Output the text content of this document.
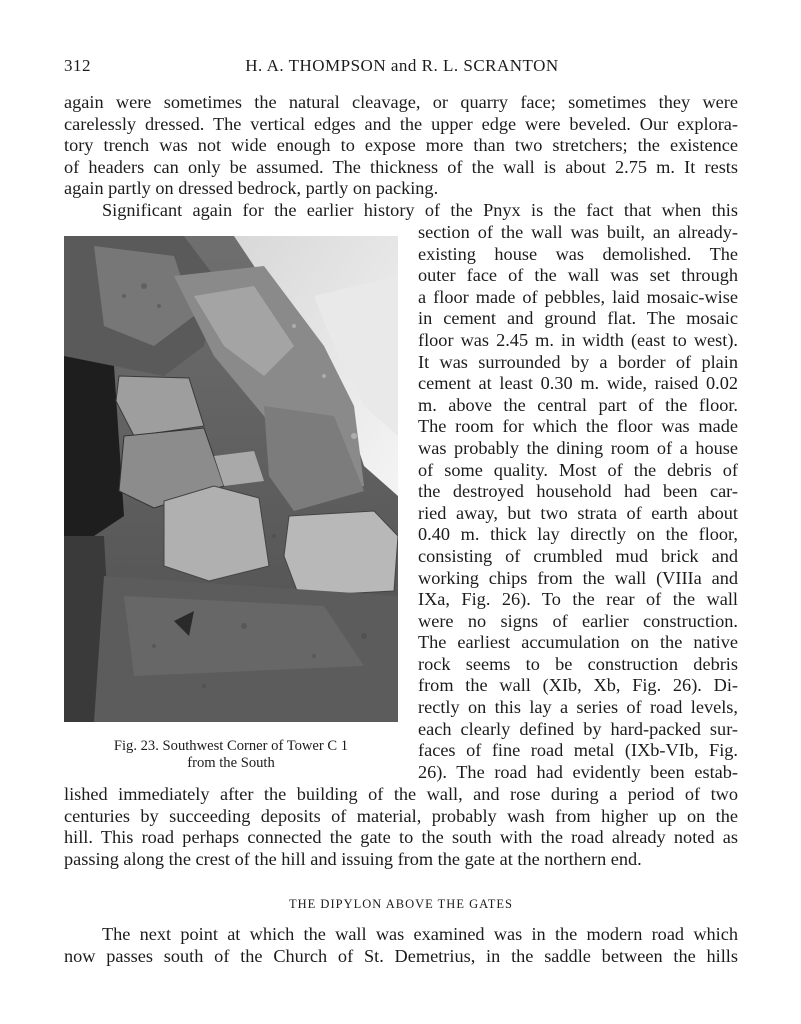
312	H. A. THOMPSON and R. L. SCRANTON
again were sometimes the natural cleavage, or quarry face; sometimes they were
carelessly dressed. The vertical edges and the upper edge were beveled. Our explora-
tory trench was not wide enough to expose more than two stretchers; the existence
of headers can only be assumed. The thickness of the wall is about 2.75 m. It rests
again partly on dressed bedrock, partly on packing.
Significant again for the earlier history of the Pnyx is the fact that when this
Fig. 23. Southwest Corner of Tower C 1
from the South
section of the wall was built, an already-
existing house was demolished. The
outer face of the wall was set through
a floor made of pebbles, laid mosaic-wise
in cement and ground flat. The mosaic
floor was 2.45 m. in width (east to west).
It was surrounded by a border of plain
cement at least 0.30 m. wide, raised 0.02
m. above the central part of the floor.
The room for which the floor was made
was probably the dining room of a house
of some quality. Most of the debris of
the destroyed household had been car-
ried away, but two strata of earth about
0.40 m. thick lay directly on the floor,
consisting of crumbled mud brick and
working chips from the wall (VIIIa and
IXa, Fig. 26). To the rear of the wall
were no signs of earlier construction.
The earliest accumulation on the native
rock seems to be construction debris
from the wall (XIb, Xb, Fig. 26). Di-
rectly on this lay a series of road levels,
each clearly defined by hard-packed sur-
faces of fine road metal (IXb-VIb, Fig.
26). The road had evidently been estab-
lished immediately after the building of the wall, and rose during a period of two
centuries by succeeding deposits of material, probably wash from higher up on the
hill. This road perhaps connected the gate to the south with the road already noted as
passing along the crest of the hill and issuing from the gate at the northern end.
THE DIPYLON ABOVE THE GATES
The next point at which the wall was examined was in the modern road which
now passes south of the Church of St. Demetrius, in the saddle between the hills
